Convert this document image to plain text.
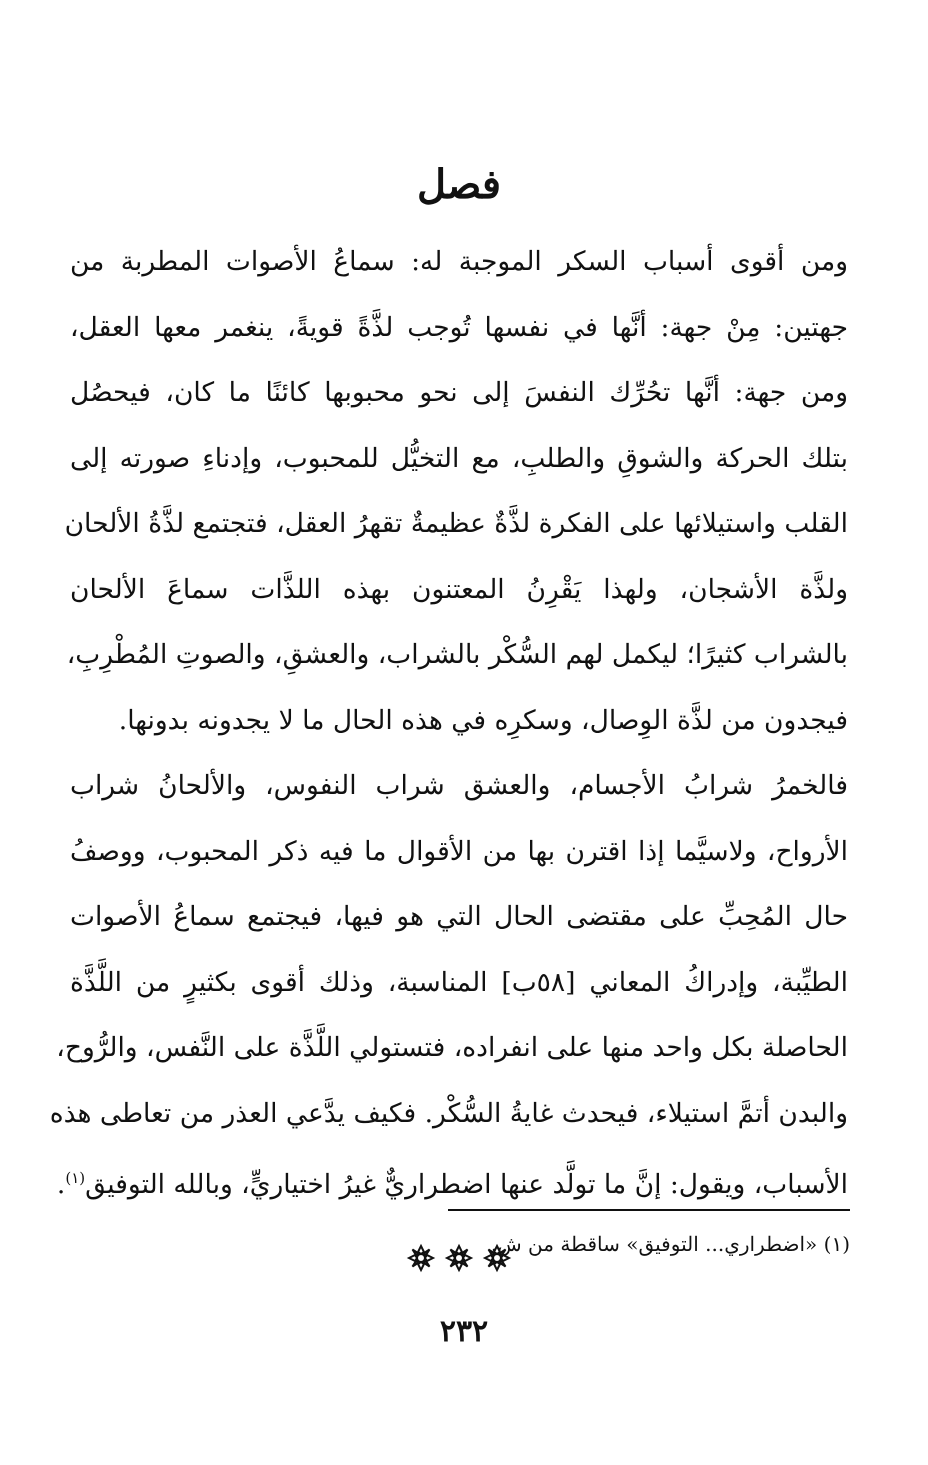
فصل
ومن أقوى أسباب السكر الموجبة له: سماعُ الأصوات المطربة من
جهتين: مِنْ جهة: أنَّها في نفسها تُوجب لذَّةً قويةً، ينغمر معها العقل،
ومن جهة: أنَّها تحُرِّك النفسَ إلى نحو محبوبها كائنًا ما كان، فيحصُل
بتلك الحركة والشوقِ والطلبِ، مع التخيُّل للمحبوب، وإدناءِ صورته إلى
القلب واستيلائها على الفكرة لذَّةٌ عظيمةٌ تقهرُ العقل، فتجتمع لذَّةُ الألحان
ولذَّة الأشجان، ولهذا يَقْرِنُ المعتنون بهذه اللذَّات سماعَ الألحان
بالشراب كثيرًا؛ ليكمل لهم السُّكْر بالشراب، والعشقِ، والصوتِ المُطْرِبِ،
فيجدون من لذَّة الوِصال، وسكرِه في هذه الحال ما لا يجدونه بدونها.
فالخمرُ شرابُ الأجسام، والعشق شراب النفوس، والألحانُ شراب
الأرواح، ولاسيَّما إذا اقترن بها من الأقوال ما فيه ذكر المحبوب، ووصفُ
حال المُحِبِّ على مقتضى الحال التي هو فيها، فيجتمع سماعُ الأصوات
الطيِّبة، وإدراكُ المعاني [٥٨ب] المناسبة، وذلك أقوى بكثيرٍ من اللَّذَّة
الحاصلة بكل واحد منها على انفراده، فتستولي اللَّذَّة على النَّفس، والرُّوح،
والبدن أتمَّ استيلاء، فيحدث غايةُ السُّكْر. فكيف يدَّعي العذر من تعاطى هذه
الأسباب، ويقول: إنَّ ما تولَّد عنها اضطراريٌّ غيرُ اختياريٍّ، وبالله التوفيق$^{(١)}$.
(١) «اضطراري... التوفيق» ساقطة من ش.
٢٣٢
